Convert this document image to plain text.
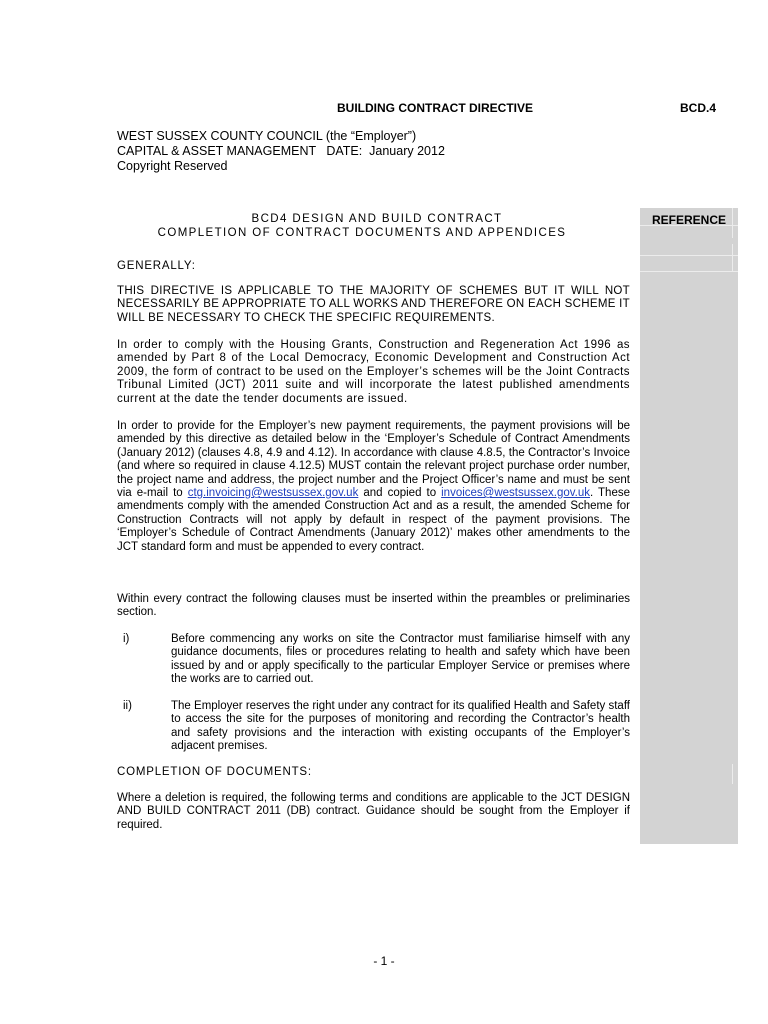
BUILDING CONTRACT DIRECTIVE	BCD.4
WEST SUSSEX COUNTY COUNCIL (the “Employer”)
CAPITAL & ASSET MANAGEMENT   DATE:  January 2012
Copyright Reserved
REFERENCE
BCD4 DESIGN AND BUILD CONTRACT
COMPLETION OF CONTRACT DOCUMENTS AND APPENDICES
GENERALLY:
THIS DIRECTIVE IS APPLICABLE TO THE MAJORITY OF SCHEMES BUT IT WILL NOT NECESSARILY BE APPROPRIATE TO ALL WORKS AND THEREFORE ON EACH SCHEME IT WILL BE NECESSARY TO CHECK THE SPECIFIC REQUIREMENTS.
In order to comply with the Housing Grants, Construction and Regeneration Act 1996 as amended by Part 8 of the Local Democracy, Economic Development and Construction Act 2009, the form of contract to be used on the Employer’s schemes will be the Joint Contracts Tribunal Limited (JCT) 2011 suite and will incorporate the latest published amendments current at the date the tender documents are issued.
In order to provide for the Employer’s new payment requirements, the payment provisions will be amended by this directive as detailed below in the ‘Employer’s Schedule of Contract Amendments (January 2012) (clauses 4.8, 4.9 and 4.12). In accordance with clause 4.8.5, the Contractor’s Invoice (and where so required in clause 4.12.5) MUST contain the relevant project purchase order number, the project name and address, the project number and the Project Officer’s name and must be sent via e-mail to ctg.invoicing@westsussex.gov.uk and copied to invoices@westsussex.gov.uk. These amendments comply with the amended Construction Act and as a result, the amended Scheme for Construction Contracts will not apply by default in respect of the payment provisions. The ‘Employer’s Schedule of Contract Amendments (January 2012)’ makes other amendments to the JCT standard form and must be appended to every contract.
Within every contract the following clauses must be inserted within the preambles or preliminaries section.
i)	Before commencing any works on site the Contractor must familiarise himself with any guidance documents, files or procedures relating to health and safety which have been issued by and or apply specifically to the particular Employer Service or premises where the works are to carried out.
ii)	The Employer reserves the right under any contract for its qualified Health and Safety staff to access the site for the purposes of monitoring and recording the Contractor’s health and safety provisions and the interaction with existing occupants of the Employer’s adjacent premises.
COMPLETION OF DOCUMENTS:
Where a deletion is required, the following terms and conditions are applicable to the JCT DESIGN AND BUILD CONTRACT 2011 (DB) contract. Guidance should be sought from the Employer if required.
- 1 -
